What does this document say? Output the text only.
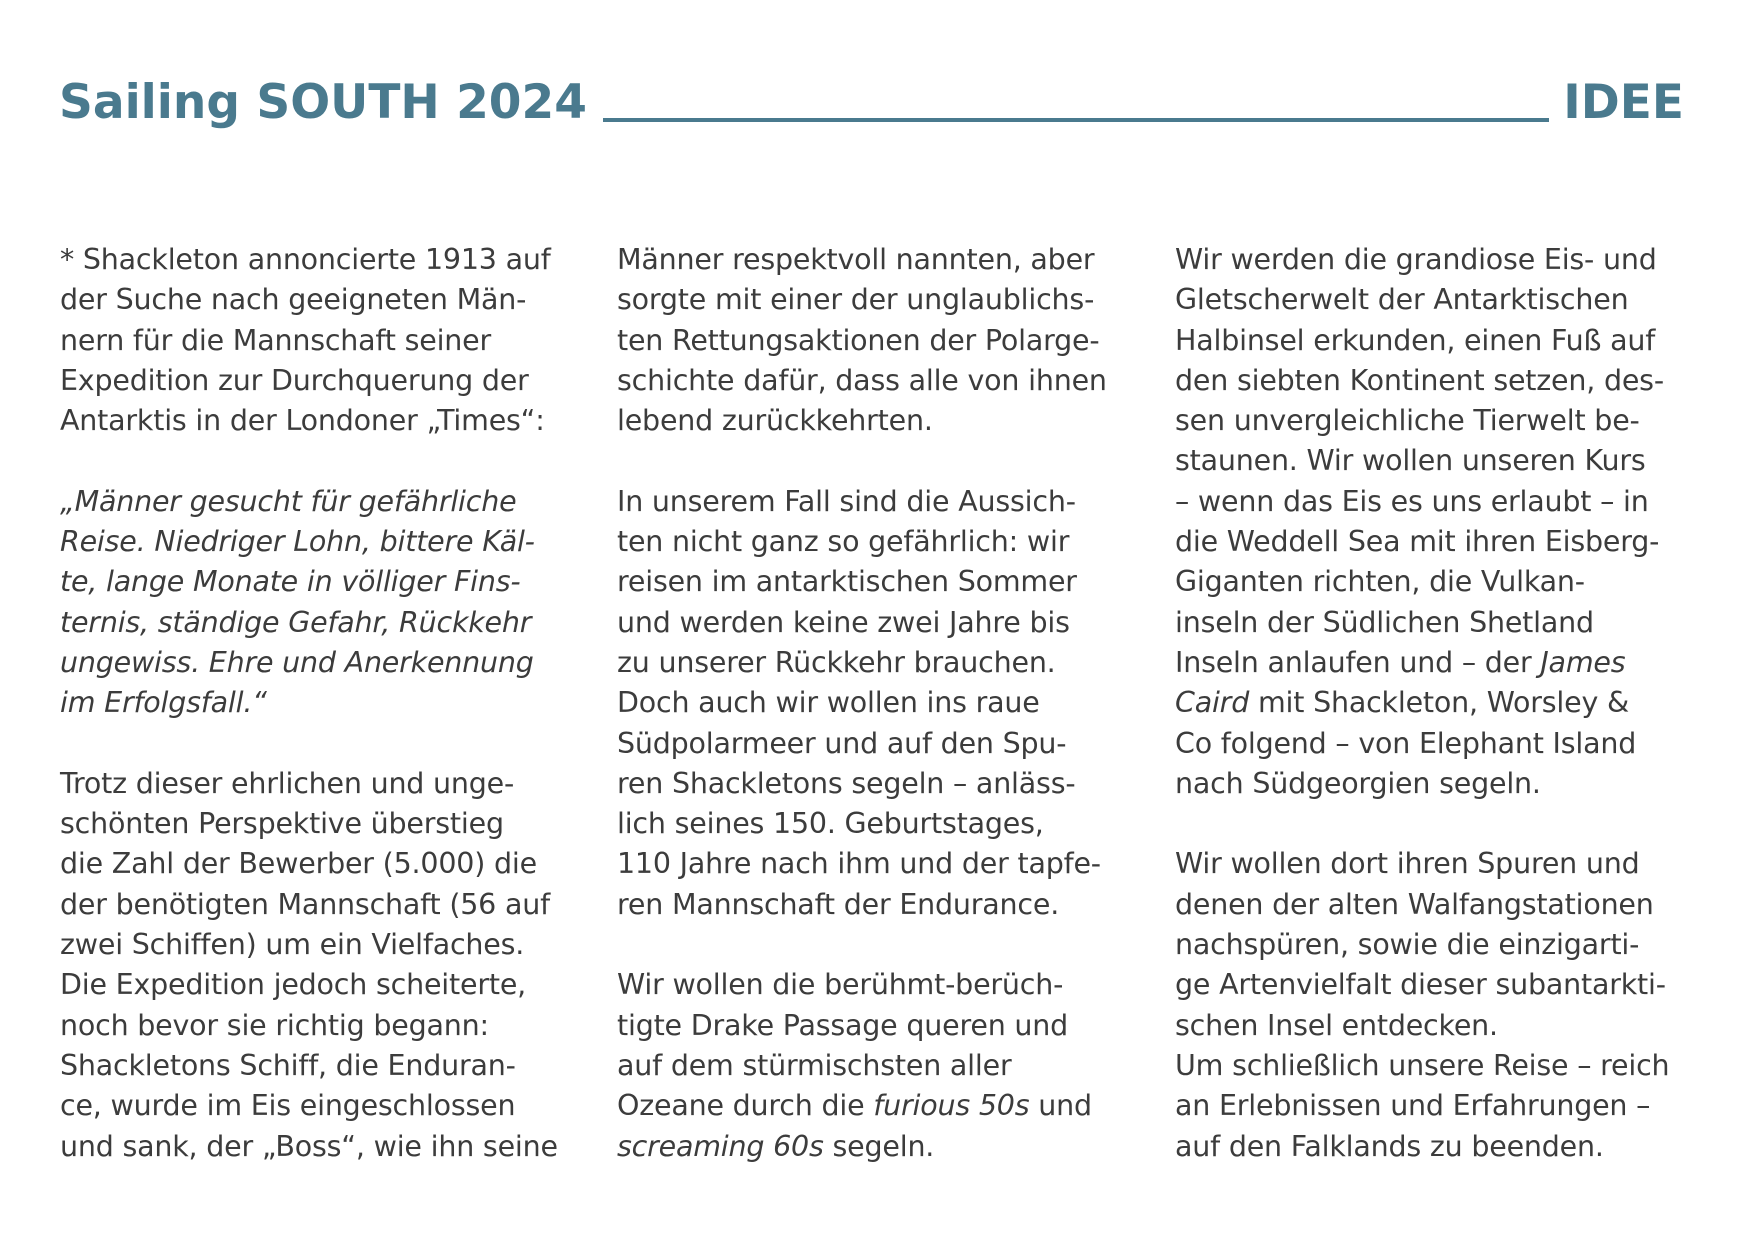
Sailing SOUTH 2024	IDEE
* Shackleton annoncierte 1913 auf
der Suche nach geeigneten Män-
nern für die Mannschaft seiner
Expedition zur Durchquerung der
Antarktis in der Londoner „Times“:
„Männer gesucht für gefährliche
Reise. Niedriger Lohn, bittere Käl-
te, lange Monate in völliger Fins-
ternis, ständige Gefahr, Rückkehr
ungewiss. Ehre und Anerkennung
im Erfolgsfall.“
Trotz dieser ehrlichen und unge-
schönten Perspektive überstieg
die Zahl der Bewerber (5.000) die
der benötigten Mannschaft (56 auf
zwei Schiffen) um ein Vielfaches.
Die Expedition jedoch scheiterte,
noch bevor sie richtig begann:
Shackletons Schiff, die Enduran-
ce, wurde im Eis eingeschlossen
und sank, der „Boss“, wie ihn seine
Männer respektvoll nannten, aber
sorgte mit einer der unglaublichs-
ten Rettungsaktionen der Polarge-
schichte dafür, dass alle von ihnen
lebend zurückkehrten.
In unserem Fall sind die Aussich-
ten nicht ganz so gefährlich: wir
reisen im antarktischen Sommer
und werden keine zwei Jahre bis
zu unserer Rückkehr brauchen.
Doch auch wir wollen ins raue
Südpolarmeer und auf den Spu-
ren Shackletons segeln – anläss-
lich seines 150. Geburtstages,
110 Jahre nach ihm und der tapfe-
ren Mannschaft der Endurance.
Wir wollen die berühmt-berüch-
tigte Drake Passage queren und
auf dem stürmischsten aller
Ozeane durch die furious 50s und
screaming 60s segeln.
Wir werden die grandiose Eis- und
Gletscherwelt der Antarktischen
Halbinsel erkunden, einen Fuß auf
den siebten Kontinent setzen, des-
sen unvergleichliche Tierwelt be-
staunen. Wir wollen unseren Kurs
– wenn das Eis es uns erlaubt – in
die Weddell Sea mit ihren Eisberg-
Giganten richten, die Vulkan-
inseln der Südlichen Shetland
Inseln anlaufen und – der James
Caird mit Shackleton, Worsley &
Co folgend – von Elephant Island
nach Südgeorgien segeln.
Wir wollen dort ihren Spuren und
denen der alten Walfangstationen
nachspüren, sowie die einzigarti-
ge Artenvielfalt dieser subantarkti-
schen Insel entdecken.
Um schließlich unsere Reise – reich
an Erlebnissen und Erfahrungen –
auf den Falklands zu beenden.
